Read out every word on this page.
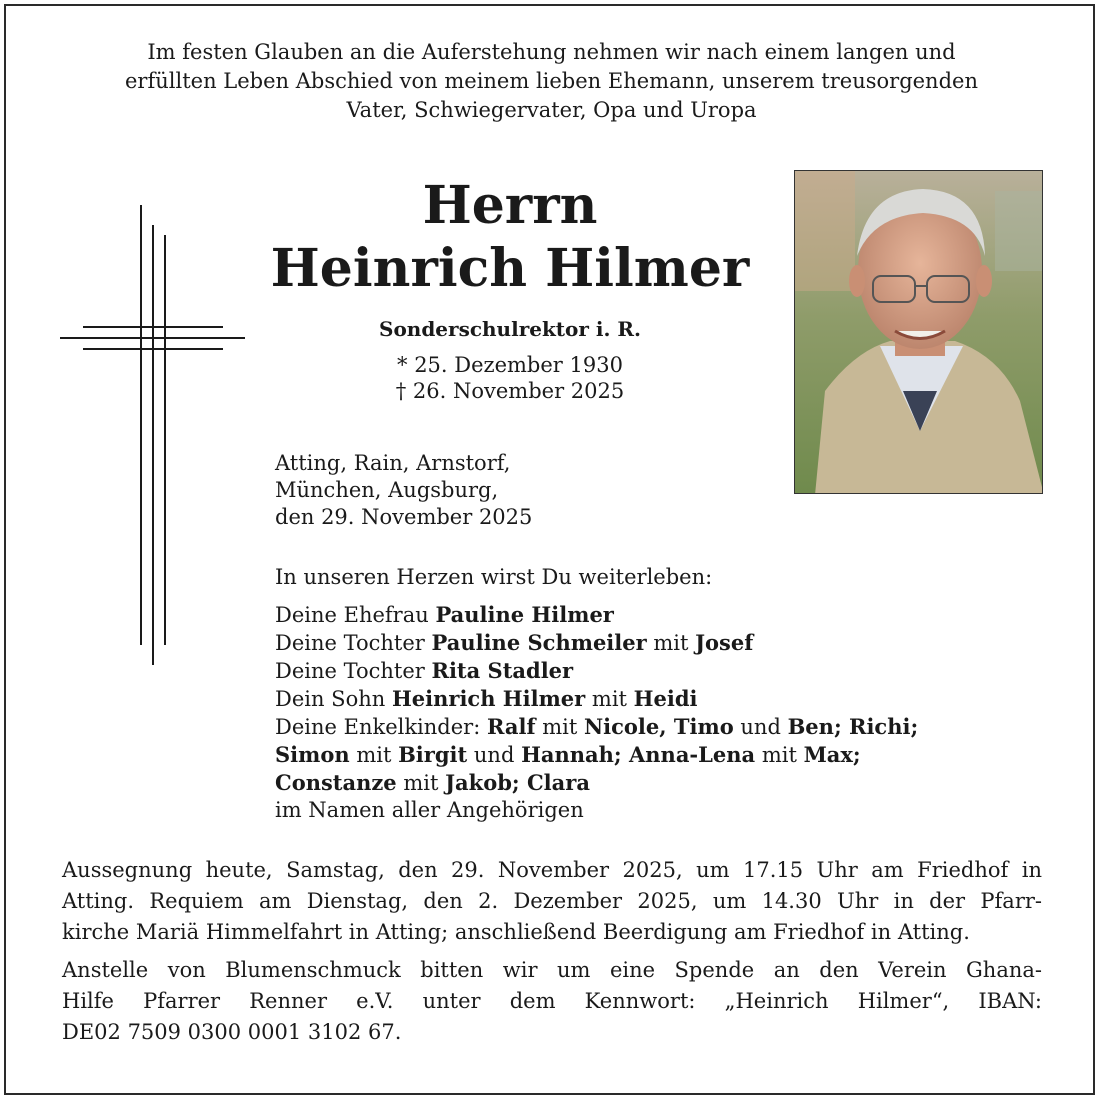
Im festen Glauben an die Auferstehung nehmen wir nach einem langen und
erfüllten Leben Abschied von meinem lieben Ehemann, unserem treusorgenden
Vater, Schwiegervater, Opa und Uropa
Herrn
Heinrich Hilmer
Sonderschulrektor i. R.
* 25. Dezember 1930
† 26. November 2025
Atting, Rain, Arnstorf,
München, Augsburg,
den 29. November 2025
In unseren Herzen wirst Du weiterleben:
Deine Ehefrau Pauline Hilmer
Deine Tochter Pauline Schmeiler mit Josef
Deine Tochter Rita Stadler
Dein Sohn Heinrich Hilmer mit Heidi
Deine Enkelkinder: Ralf mit Nicole, Timo und Ben; Richi;
Simon mit Birgit und Hannah; Anna-Lena mit Max;
Constanze mit Jakob; Clara
im Namen aller Angehörigen
Aussegnung heute, Samstag, den 29. November 2025, um 17.15 Uhr am Friedhof in
Atting. Requiem am Dienstag, den 2. Dezember 2025, um 14.30 Uhr in der Pfarr-
kirche Mariä Himmelfahrt in Atting; anschließend Beerdigung am Friedhof in Atting.
Anstelle von Blumenschmuck bitten wir um eine Spende an den Verein Ghana-
Hilfe Pfarrer Renner e.V. unter dem Kennwort: „Heinrich Hilmer“, IBAN:
DE02 7509 0300 0001 3102 67.
